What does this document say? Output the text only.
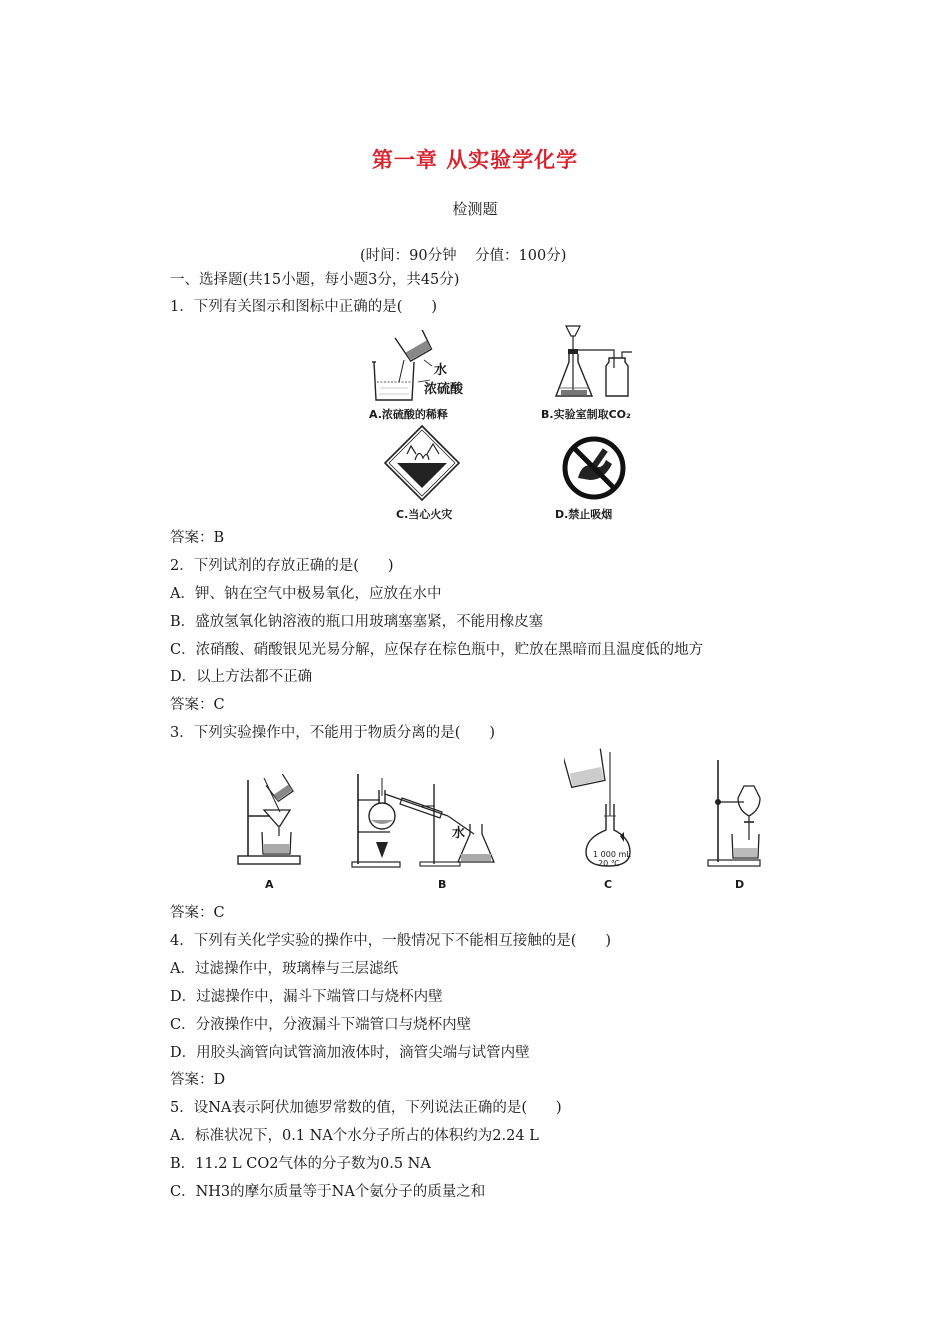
第一章 从实验学化学
检测题
(时间：90分钟    分值：100分)
一、选择题(共15小题，每小题3分，共45分)
1．下列有关图示和图标中正确的是(　　)
水
浓硫酸
A.浓硫酸的稀释	B.实验室制取CO₂
C.当心火灾	D.禁止吸烟
答案：B
2．下列试剂的存放正确的是(　　)
A．钾、钠在空气中极易氧化，应放在水中
B．盛放氢氧化钠溶液的瓶口用玻璃塞塞紧，不能用橡皮塞
C．浓硝酸、硝酸银见光易分解，应保存在棕色瓶中，贮放在黑暗而且温度低的地方
D．以上方法都不正确
答案：C
3．下列实验操作中，不能用于物质分离的是(　　)
A
水
B
1 000 mL
20 ℃
C	D
答案：C
4．下列有关化学实验的操作中，一般情况下不能相互接触的是(　　)
A．过滤操作中，玻璃棒与三层滤纸
D．过滤操作中，漏斗下端管口与烧杯内壁
C．分液操作中，分液漏斗下端管口与烧杯内壁
D．用胶头滴管向试管滴加液体时，滴管尖端与试管内壁
答案：D
5．设NA表示阿伏加德罗常数的值，下列说法正确的是(　　)
A．标准状况下，0.1 NA个水分子所占的体积约为2.24 L
B．11.2 L CO2气体的分子数为0.5 NA
C．NH3的摩尔质量等于NA个氨分子的质量之和
